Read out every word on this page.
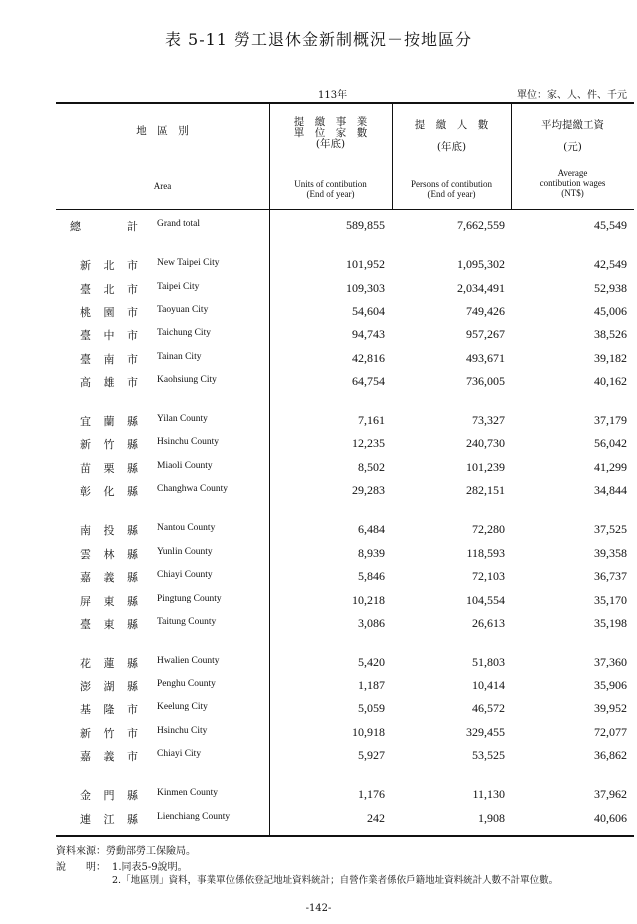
表 5-11 勞工退休金新制概況－按地區分
113年	單位：家、人、件、千元
地　區　別
Area
提　繳　事　業
單　位　家　數
(年底)
Units of contibution
(End of year)
提　繳　人　數
(年底)
Persons of contibution
(End of year)
平均提繳工資
(元)
Average
contibution wages
(NT$)
總計 Grand total	589,855	7,662,559	45,549
新北市 New Taipei City	101,952	1,095,302	42,549
臺北市 Taipei City	109,303	2,034,491	52,938
桃園市 Taoyuan City	54,604	749,426	45,006
臺中市 Taichung City	94,743	957,267	38,526
臺南市 Tainan City	42,816	493,671	39,182
高雄市 Kaohsiung City	64,754	736,005	40,162
宜蘭縣 Yilan County	7,161	73,327	37,179
新竹縣 Hsinchu County	12,235	240,730	56,042
苗栗縣 Miaoli County	8,502	101,239	41,299
彰化縣 Changhwa County	29,283	282,151	34,844
南投縣 Nantou County	6,484	72,280	37,525
雲林縣 Yunlin County	8,939	118,593	39,358
嘉義縣 Chiayi County	5,846	72,103	36,737
屏東縣 Pingtung County	10,218	104,554	35,170
臺東縣 Taitung County	3,086	26,613	35,198
花蓮縣 Hwalien County	5,420	51,803	37,360
澎湖縣 Penghu County	1,187	10,414	35,906
基隆市 Keelung City	5,059	46,572	39,952
新竹市 Hsinchu City	10,918	329,455	72,077
嘉義市 Chiayi City	5,927	53,525	36,862
金門縣 Kinmen County	1,176	11,130	37,962
連江縣 Lienchiang County	242	1,908	40,606
資料來源：勞動部勞工保險局。
說　　明： 1.同表5-9說明。
2.「地區別」資料，事業單位係依登記地址資料統計；自營作業者係依戶籍地址資料統計人數不計單位數。
-142-
